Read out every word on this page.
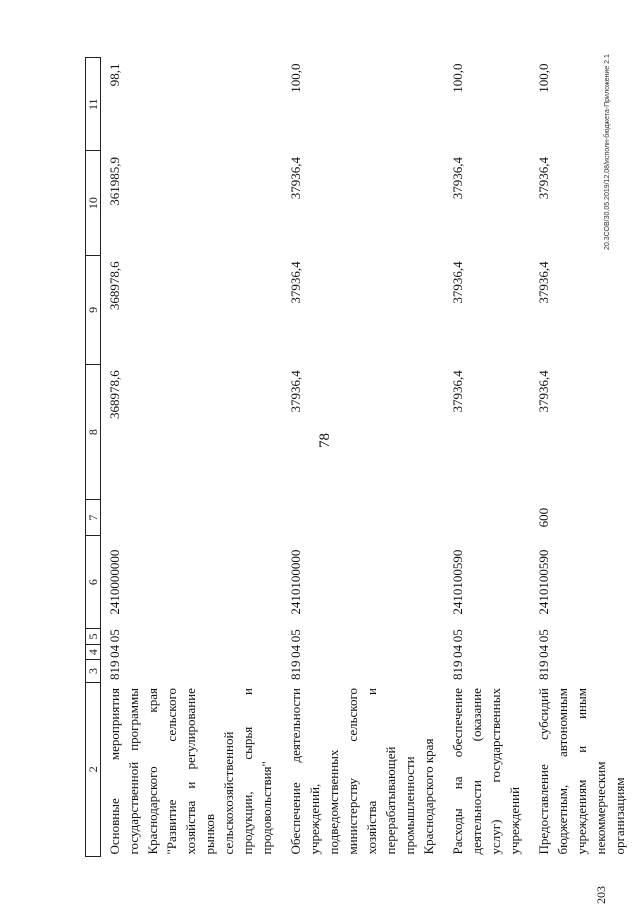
78
2	3	4	5	6	7	8	9	10	11
Основные мероприятия государственной программы Краснодарского края "Развитие сельского хозяйства и регулирование рынков сельскохозяйственной продукции, сырья и продовольствия"	819	04	05	2410000000		368978,6	368978,6	361985,9	98,1
Обеспечение деятельности учреждений, подведомственных министерству сельского хозяйства и перерабатывающей промышленности Краснодарского края	819	04	05	2410100000		37936,4	37936,4	37936,4	100,0
Расходы на обеспечение деятельности (оказание услуг) государственных учреждений	819	04	05	2410100590		37936,4	37936,4	37936,4	100,0
Предоставление субсидий бюджетным, автономным учреждениям и иным некоммерческим организациям	819	04	05	2410100590	600	37936,4	37936,4	37936,4	100,0	20.3СОВ/30.05.2019/12.08/исполн-бюджета-Приложение 2.1
203
